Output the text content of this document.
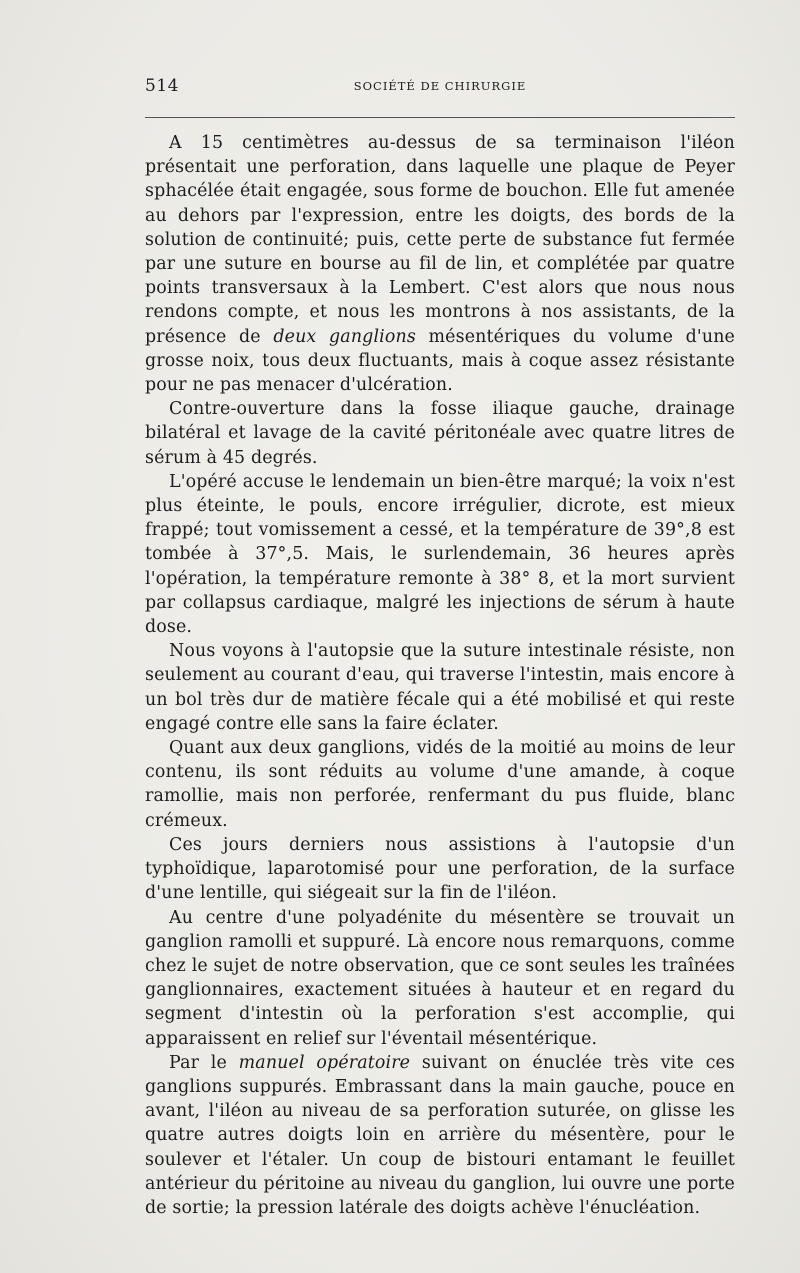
514	SOCIÉTÉ DE CHIRURGIE

A 15 centimètres au-dessus de sa terminaison l'iléon présentait une perforation, dans laquelle une plaque de Peyer sphacélée était engagée, sous forme de bouchon. Elle fut amenée au dehors par l'expression, entre les doigts, des bords de la solution de continuité; puis, cette perte de substance fut fermée par une suture en bourse au fil de lin, et complétée par quatre points transversaux à la Lembert. C'est alors que nous nous rendons compte, et nous les montrons à nos assistants, de la présence de deux ganglions mésentériques du volume d'une grosse noix, tous deux fluctuants, mais à coque assez résistante pour ne pas menacer d'ulcération.

Contre-ouverture dans la fosse iliaque gauche, drainage bilatéral et lavage de la cavité péritonéale avec quatre litres de sérum à 45 degrés.

L'opéré accuse le lendemain un bien-être marqué; la voix n'est plus éteinte, le pouls, encore irrégulier, dicrote, est mieux frappé; tout vomissement a cessé, et la température de 39°,8 est tombée à 37°,5. Mais, le surlendemain, 36 heures après l'opération, la température remonte à 38° 8, et la mort survient par collapsus cardiaque, malgré les injections de sérum à haute dose.

Nous voyons à l'autopsie que la suture intestinale résiste, non seulement au courant d'eau, qui traverse l'intestin, mais encore à un bol très dur de matière fécale qui a été mobilisé et qui reste engagé contre elle sans la faire éclater.

Quant aux deux ganglions, vidés de la moitié au moins de leur contenu, ils sont réduits au volume d'une amande, à coque ramollie, mais non perforée, renfermant du pus fluide, blanc crémeux.

Ces jours derniers nous assistions à l'autopsie d'un typhoïdique, laparotomisé pour une perforation, de la surface d'une lentille, qui siégeait sur la fin de l'iléon.

Au centre d'une polyadénite du mésentère se trouvait un ganglion ramolli et suppuré. Là encore nous remarquons, comme chez le sujet de notre observation, que ce sont seules les traînées ganglionnaires, exactement situées à hauteur et en regard du segment d'intestin où la perforation s'est accomplie, qui apparaissent en relief sur l'éventail mésentérique.

Par le manuel opératoire suivant on énuclée très vite ces ganglions suppurés. Embrassant dans la main gauche, pouce en avant, l'iléon au niveau de sa perforation suturée, on glisse les quatre autres doigts loin en arrière du mésentère, pour le soulever et l'étaler. Un coup de bistouri entamant le feuillet antérieur du péritoine au niveau du ganglion, lui ouvre une porte de sortie; la pression latérale des doigts achève l'énucléation.
